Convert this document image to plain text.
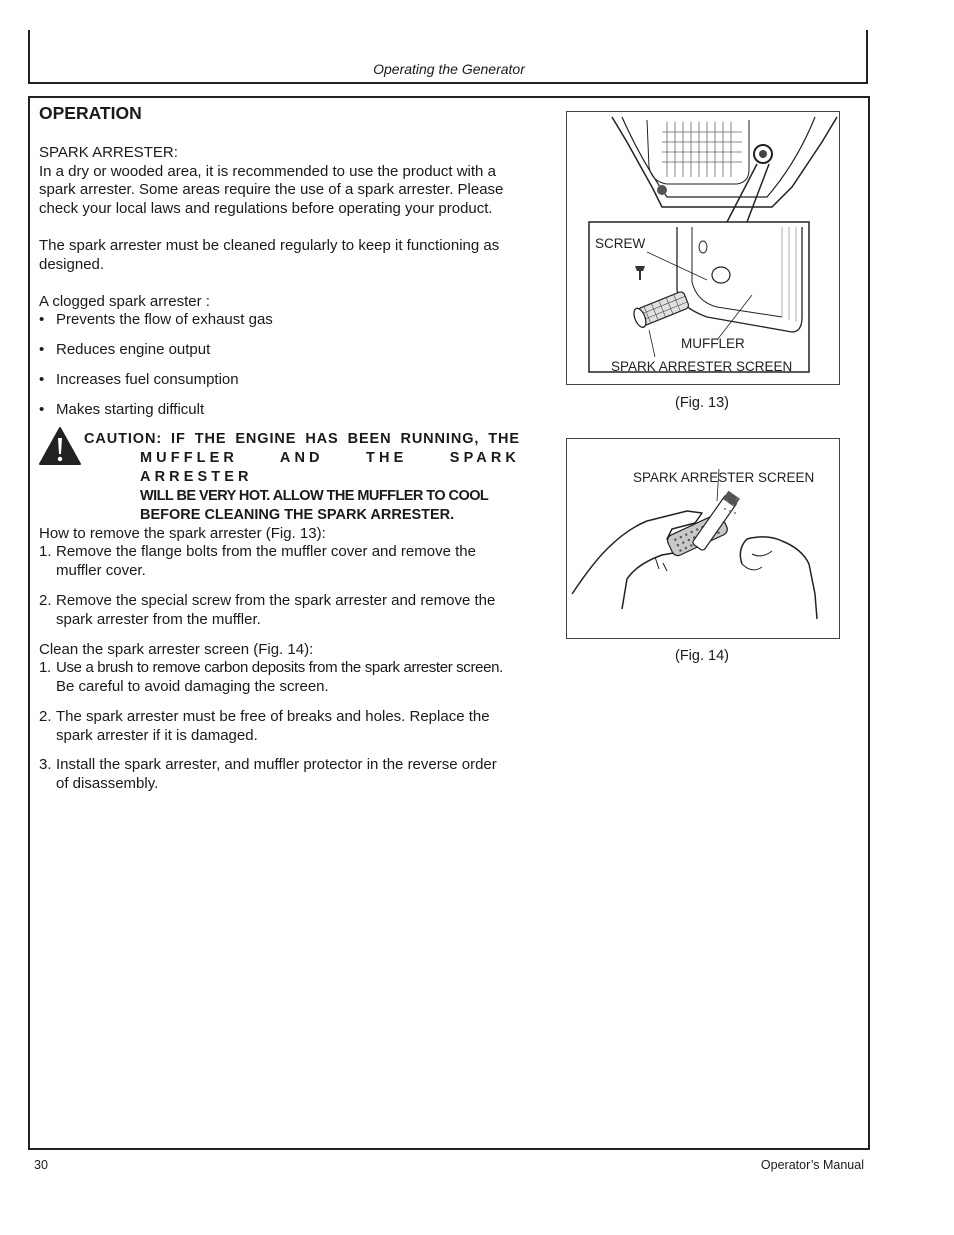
Operating the Generator
OPERATION
SPARK ARRESTER:
In a dry or wooded area, it is recommended to use the product with a
spark arrester. Some areas require the use of a spark arrester. Please
check your local laws and regulations before operating your product.
The spark arrester must be cleaned regularly to keep it functioning as
designed.
A clogged spark arrester :
• Prevents the flow of exhaust gas
• Reduces engine output
• Increases fuel consumption
• Makes starting difficult
CAUTION: IF THE ENGINE HAS BEEN RUNNING, THE
MUFFLER AND THE SPARK ARRESTER
WILL BE VERY HOT. ALLOW THE MUFFLER TO COOL
BEFORE CLEANING THE SPARK ARRESTER.
How to remove the spark arrester (Fig. 13):
1. Remove the flange bolts from the muffler cover and remove the
muffler cover.
2. Remove the special screw from the spark arrester and remove the
spark arrester from the muffler.
Clean the spark arrester screen (Fig. 14):
1. Use a brush to remove carbon deposits from the spark arrester screen.
Be careful to avoid damaging the screen.
2. The spark arrester must be free of breaks and holes. Replace the
spark arrester if it is damaged.
3. Install the spark arrester, and muffler protector in the reverse order
of disassembly.
SCREW
MUFFLER
SPARK ARRESTER SCREEN
(Fig. 13)
SPARK ARRESTER SCREEN
(Fig. 14)
30	Operator’s Manual
